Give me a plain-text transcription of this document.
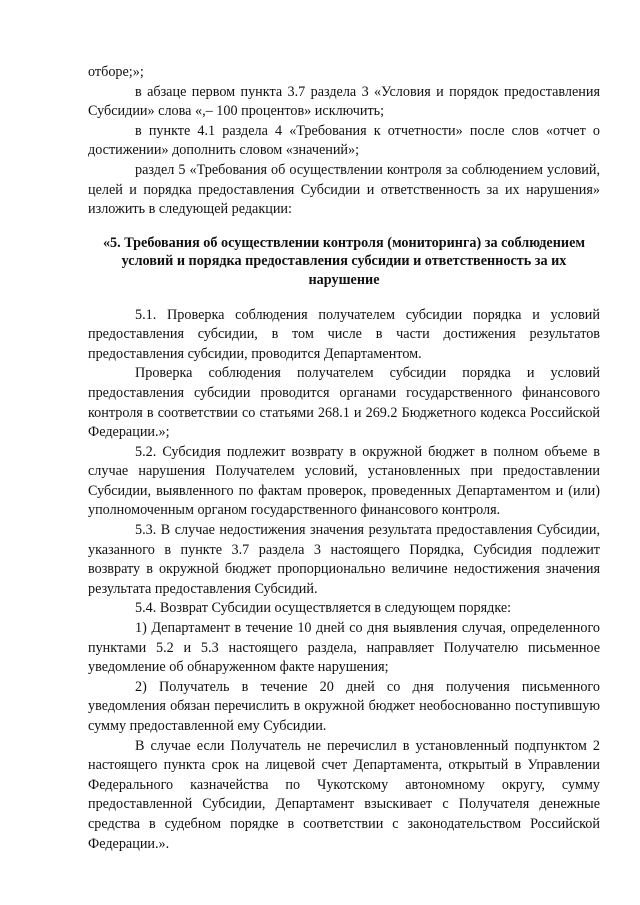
отборе;»;

в абзаце первом пункта 3.7 раздела 3 «Условия и порядок предоставления Субсидии» слова «,– 100 процентов» исключить;

в пункте 4.1 раздела 4 «Требования к отчетности» после слов «отчет о достижении» дополнить словом «значений»;

раздел 5 «Требования об осуществлении контроля за соблюдением условий, целей и порядка предоставления Субсидии и ответственность за их нарушения» изложить в следующей редакции:

«5. Требования об осуществлении контроля (мониторинга) за соблюдением условий и порядка предоставления субсидии и ответственность за их нарушение

5.1. Проверка соблюдения получателем субсидии порядка и условий предоставления субсидии, в том числе в части достижения результатов предоставления субсидии, проводится Департаментом.

Проверка соблюдения получателем субсидии порядка и условий предоставления субсидии проводится органами государственного финансового контроля в соответствии со статьями 268.1 и 269.2 Бюджетного кодекса Российской Федерации.»;

5.2. Субсидия подлежит возврату в окружной бюджет в полном объеме в случае нарушения Получателем условий, установленных при предоставлении Субсидии, выявленного по фактам проверок, проведенных Департаментом и (или) уполномоченным органом государственного финансового контроля.

5.3. В случае недостижения значения результата предоставления Субсидии, указанного в пункте 3.7 раздела 3 настоящего Порядка, Субсидия подлежит возврату в окружной бюджет пропорционально величине недостижения значения результата предоставления Субсидий.

5.4. Возврат Субсидии осуществляется в следующем порядке:

1) Департамент в течение 10 дней со дня выявления случая, определенного пунктами 5.2 и 5.3 настоящего раздела, направляет Получателю письменное уведомление об обнаруженном факте нарушения;

2) Получатель в течение 20 дней со дня получения письменного уведомления обязан перечислить в окружной бюджет необоснованно поступившую сумму предоставленной ему Субсидии.

В случае если Получатель не перечислил в установленный подпунктом 2 настоящего пункта срок на лицевой счет Департамента, открытый в Управлении Федерального казначейства по Чукотскому автономному округу, сумму предоставленной Субсидии, Департамент взыскивает с Получателя денежные средства в судебном порядке в соответствии с законодательством Российской Федерации.».
